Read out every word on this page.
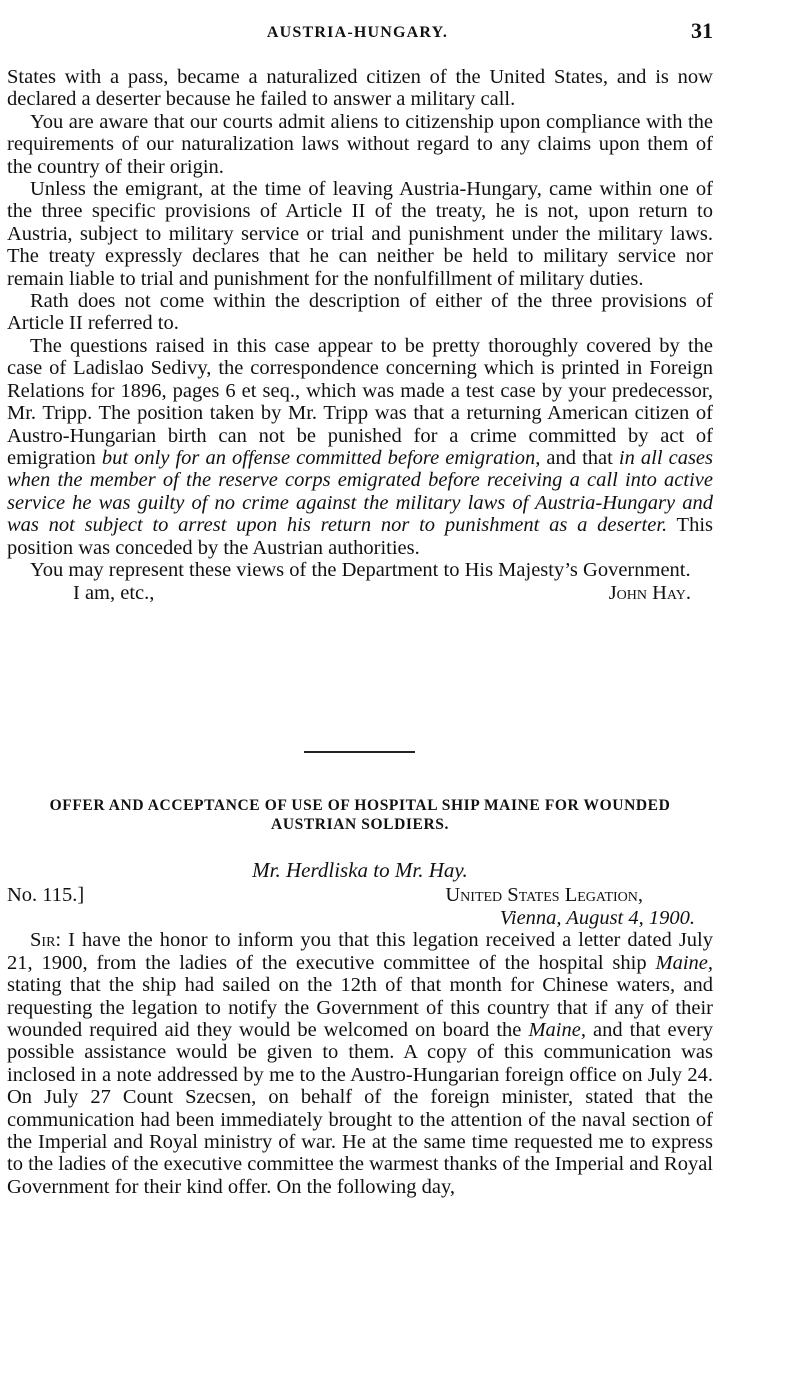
AUSTRIA-HUNGARY.	31

States with a pass, became a naturalized citizen of the United States, and is now declared a deserter because he failed to answer a military call.

You are aware that our courts admit aliens to citizenship upon compliance with the requirements of our naturalization laws without regard to any claims upon them of the country of their origin.

Unless the emigrant, at the time of leaving Austria-Hungary, came within one of the three specific provisions of Article II of the treaty, he is not, upon return to Austria, subject to military service or trial and punishment under the military laws. The treaty expressly declares that he can neither be held to military service nor remain liable to trial and punishment for the nonfulfillment of military duties.

Rath does not come within the description of either of the three provisions of Article II referred to.

The questions raised in this case appear to be pretty thoroughly covered by the case of Ladislao Sedivy, the correspondence concerning which is printed in Foreign Relations for 1896, pages 6 et seq., which was made a test case by your predecessor, Mr. Tripp. The position taken by Mr. Tripp was that a returning American citizen of Austro-Hungarian birth can not be punished for a crime committed by act of emigration but only for an offense committed before emigration, and that in all cases when the member of the reserve corps emigrated before receiving a call into active service he was guilty of no crime against the military laws of Austria-Hungary and was not subject to arrest upon his return nor to punishment as a deserter. This position was conceded by the Austrian authorities.

You may represent these views of the Department to His Majesty’s Government.

I am, etc.,	John Hay.
OFFER AND ACCEPTANCE OF USE OF HOSPITAL SHIP MAINE FOR WOUNDED AUSTRIAN SOLDIERS.
Mr. Herdliska to Mr. Hay.
No. 115.]	United States Legation,

Vienna, August 4, 1900.

Sir: I have the honor to inform you that this legation received a letter dated July 21, 1900, from the ladies of the executive committee of the hospital ship Maine, stating that the ship had sailed on the 12th of that month for Chinese waters, and requesting the legation to notify the Government of this country that if any of their wounded required aid they would be welcomed on board the Maine, and that every possible assistance would be given to them. A copy of this communication was inclosed in a note addressed by me to the Austro-Hungarian foreign office on July 24. On July 27 Count Szecsen, on behalf of the foreign minister, stated that the communication had been immediately brought to the attention of the naval section of the Imperial and Royal ministry of war. He at the same time requested me to express to the ladies of the executive committee the warmest thanks of the Imperial and Royal Government for their kind offer. On the following day,
